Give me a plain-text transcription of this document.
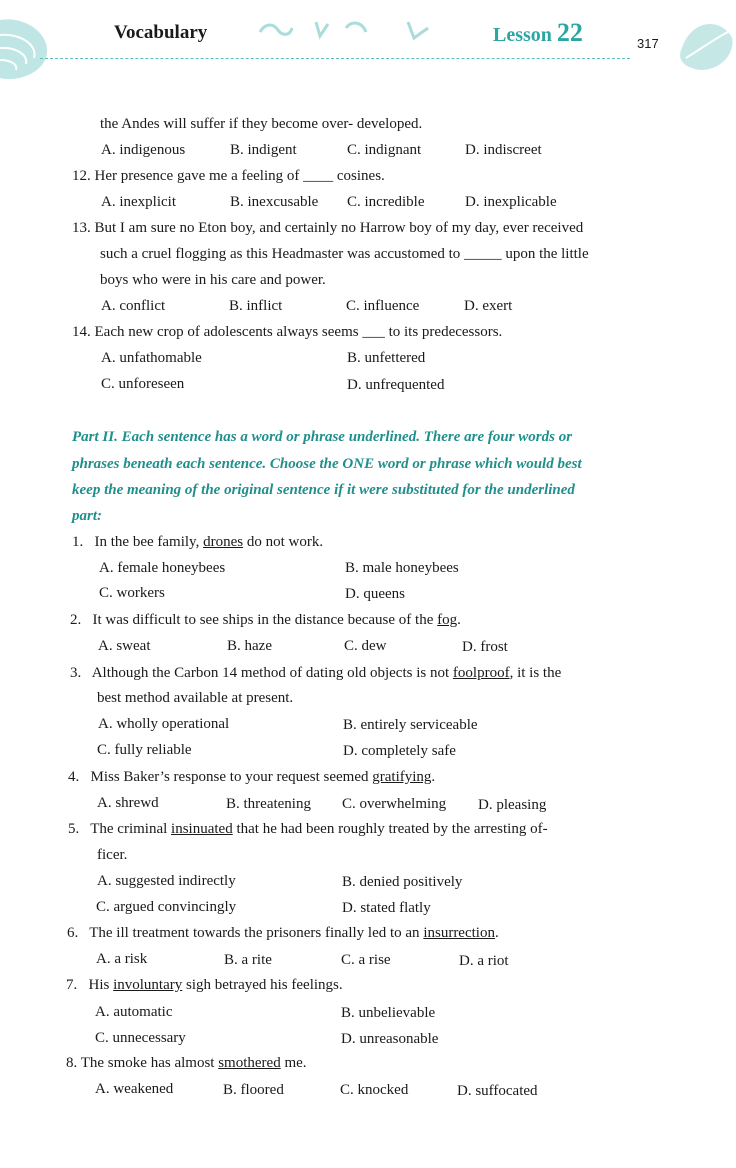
Vocabulary	Lesson 22	317
the Andes will suffer if they become over- developed.
A. indigenous	B. indigent	C. indignant	D. indiscreet
12. Her presence gave me a feeling of ____ cosines.
A. inexplicit	B. inexcusable C. incredible	D. inexplicable
13. But I am sure no Eton boy, and certainly no Harrow boy of my day, ever received
such a cruel flogging as this Headmaster was accustomed to _____ upon the little
boys who were in his care and power.
A. conflict	B. inflict	C. influence	D. exert
14. Each new crop of adolescents always seems ___ to its predecessors.
A. unfathomable	B. unfettered
C. unforeseen	D. unfrequented
Part II. Each sentence has a word or phrase underlined. There are four words or
phrases beneath each sentence. Choose the ONE word or phrase which would best
keep the meaning of the original sentence if it were substituted for the underlined
part:
1. In the bee family, drones do not work.
A. female honeybees	B. male honeybees
C. workers	D. queens
2. It was difficult to see ships in the distance because of the fog.
A. sweat	B. haze	C. dew	D. frost
3. Although the Carbon 14 method of dating old objects is not foolproof, it is the
best method available at present.
A. wholly operational	B. entirely serviceable
C. fully reliable	D. completely safe
4. Miss Baker’s response to your request seemed gratifying.
A. shrewd	B. threatening C. overwhelming D. pleasing
5. The criminal insinuated that he had been roughly treated by the arresting of-
ficer.
A. suggested indirectly	B. denied positively
C. argued convincingly	D. stated flatly
6. The ill treatment towards the prisoners finally led to an insurrection.
A. a risk	B. a rite	C. a rise	D. a riot
7. His involuntary sigh betrayed his feelings.
A. automatic	B. unbelievable
C. unnecessary	D. unreasonable
8. The smoke has almost smothered me.
A. weakened	B. floored	C. knocked	D. suffocated
